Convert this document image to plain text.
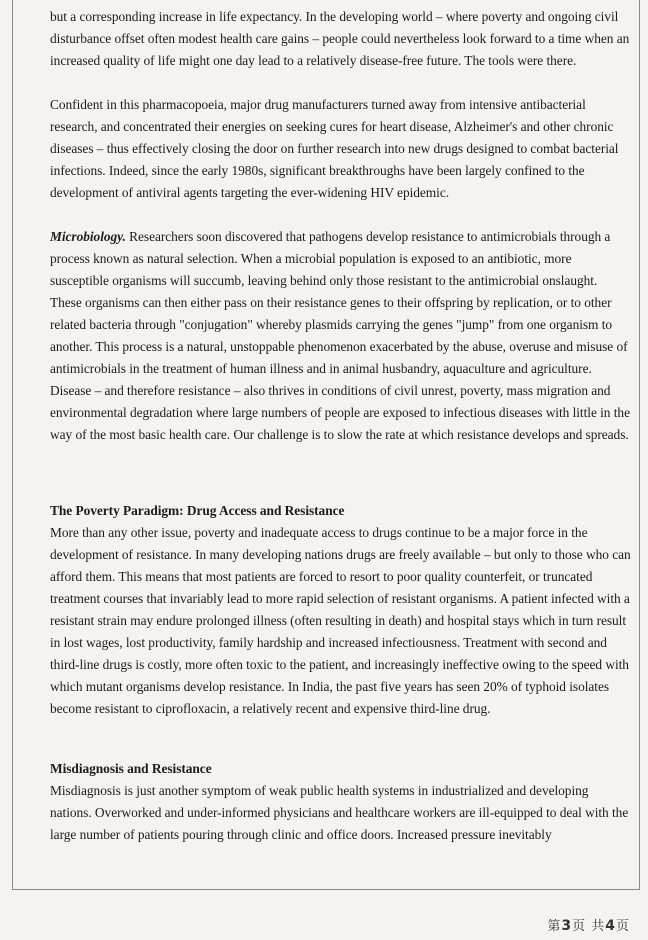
but a corresponding increase in life expectancy. In the developing world – where poverty and ongoing civil disturbance offset often modest health care gains – people could nevertheless look forward to a time when an increased quality of life might one day lead to a relatively disease-free future. The tools were there.

Confident in this pharmacopoeia, major drug manufacturers turned away from intensive antibacterial research, and concentrated their energies on seeking cures for heart disease, Alzheimer's and other chronic diseases – thus effectively closing the door on further research into new drugs designed to combat bacterial infections. Indeed, since the early 1980s, significant breakthroughs have been largely confined to the development of antiviral agents targeting the ever-widening HIV epidemic.

Microbiology. Researchers soon discovered that pathogens develop resistance to antimicrobials through a process known as natural selection. When a microbial population is exposed to an antibiotic, more susceptible organisms will succumb, leaving behind only those resistant to the antimicrobial onslaught. These organisms can then either pass on their resistance genes to their offspring by replication, or to other related bacteria through "conjugation" whereby plasmids carrying the genes "jump" from one organism to another. This process is a natural, unstoppable phenomenon exacerbated by the abuse, overuse and misuse of antimicrobials in the treatment of human illness and in animal husbandry, aquaculture and agriculture. Disease – and therefore resistance – also thrives in conditions of civil unrest, poverty, mass migration and environmental degradation where large numbers of people are exposed to infectious diseases with little in the way of the most basic health care. Our challenge is to slow the rate at which resistance develops and spreads.

The Poverty Paradigm: Drug Access and Resistance

More than any other issue, poverty and inadequate access to drugs continue to be a major force in the development of resistance. In many developing nations drugs are freely available – but only to those who can afford them. This means that most patients are forced to resort to poor quality counterfeit, or truncated treatment courses that invariably lead to more rapid selection of resistant organisms. A patient infected with a resistant strain may endure prolonged illness (often resulting in death) and hospital stays which in turn result in lost wages, lost productivity, family hardship and increased infectiousness. Treatment with second and third-line drugs is costly, more often toxic to the patient, and increasingly ineffective owing to the speed with which mutant organisms develop resistance. In India, the past five years has seen 20% of typhoid isolates become resistant to ciprofloxacin, a relatively recent and expensive third-line drug.

Misdiagnosis and Resistance

Misdiagnosis is just another symptom of weak public health systems in industrialized and developing nations. Overworked and under-informed physicians and healthcare workers are ill-equipped to deal with the large number of patients pouring through clinic and office doors. Increased pressure inevitably

第3页 共4页
